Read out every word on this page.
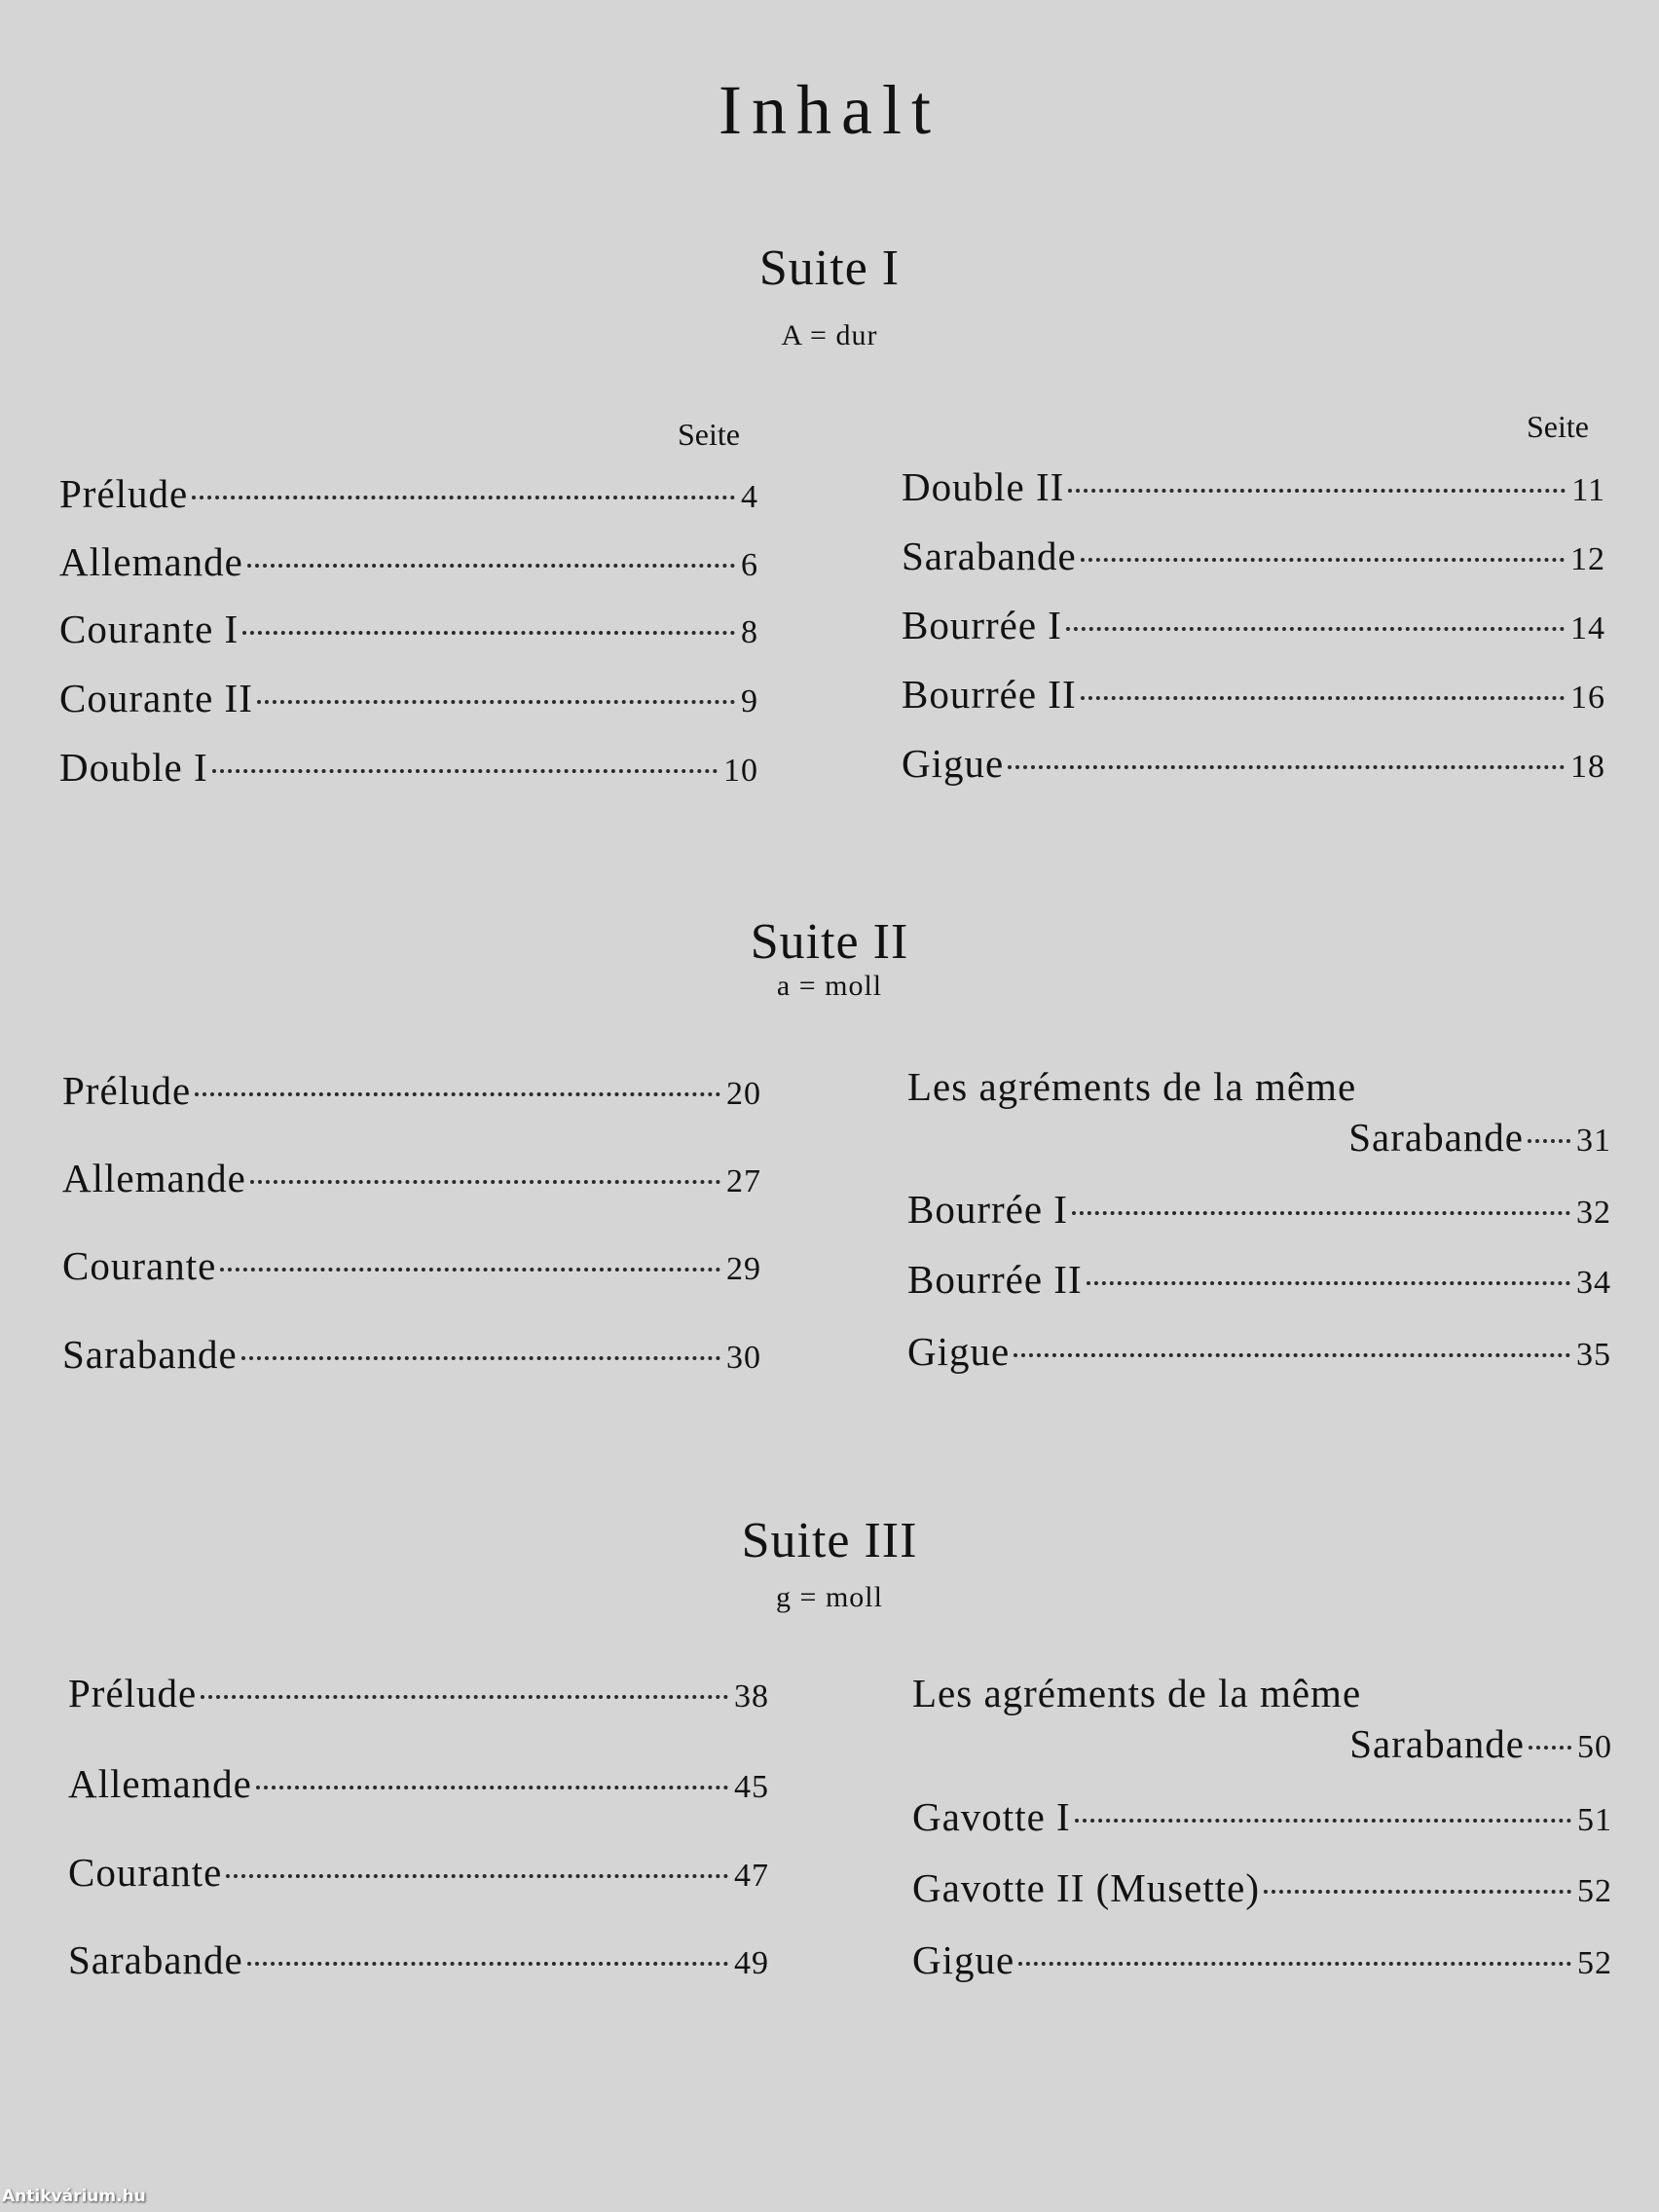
Inhalt
Suite I
A = dur
Seite	Seite
Prélude	4
Allemande	6
Courante I	8
Courante II	9
Double I	10
Double II	11
Sarabande	12
Bourrée I	14
Bourrée II	16
Gigue	18
Suite II
a = moll
Prélude	20
Allemande	27
Courante	29
Sarabande	30
Les agréments de la même
Sarabande 31
Bourrée I	32
Bourrée II	34
Gigue	35
Suite III
g = moll
Prélude	38
Allemande	45
Courante	47
Sarabande	49
Les agréments de la même
Sarabande 50
Gavotte I	51
Gavotte II (Musette)	52
Gigue	52
Antikvárium.hu
